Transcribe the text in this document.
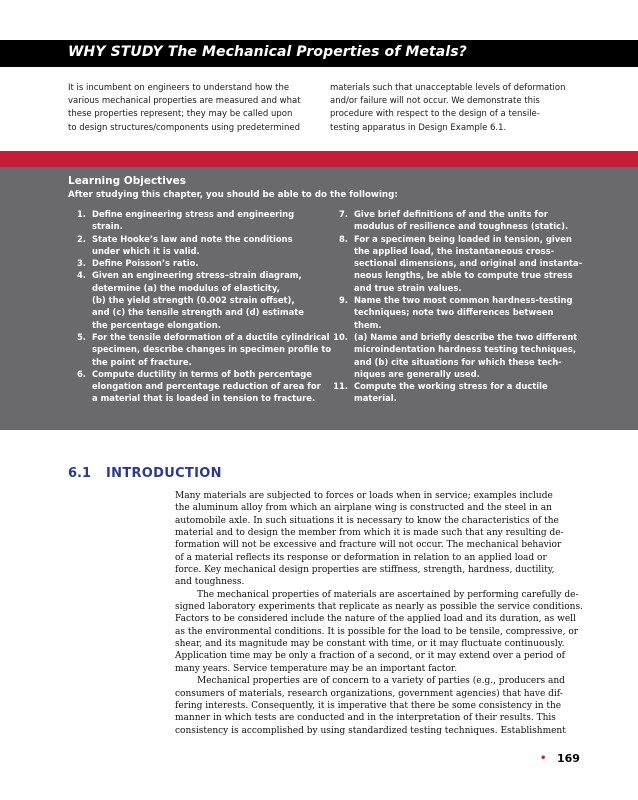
WHY STUDY The Mechanical Properties of Metals?
It is incumbent on engineers to understand how the
various mechanical properties are measured and what
these properties represent; they may be called upon
to design structures/components using predetermined
materials such that unacceptable levels of deformation
and/or failure will not occur. We demonstrate this
procedure with respect to the design of a tensile-
testing apparatus in Design Example 6.1.
Learning Objectives
After studying this chapter, you should be able to do the following:
1. Define engineering stress and engineering
strain.
2. State Hooke’s law and note the conditions
under which it is valid.
3. Define Poisson’s ratio.
4. Given an engineering stress–strain diagram,
determine (a) the modulus of elasticity,
(b) the yield strength (0.002 strain offset),
and (c) the tensile strength and (d) estimate
the percentage elongation.
5. For the tensile deformation of a ductile cylindrical
specimen, describe changes in specimen profile to
the point of fracture.
6. Compute ductility in terms of both percentage
elongation and percentage reduction of area for
a material that is loaded in tension to fracture.
7. Give brief definitions of and the units for
modulus of resilience and toughness (static).
8. For a specimen being loaded in tension, given
the applied load, the instantaneous cross-
sectional dimensions, and original and instanta-
neous lengths, be able to compute true stress
and true strain values.
9. Name the two most common hardness-testing
techniques; note two differences between
them.
10. (a) Name and briefly describe the two different
microindentation hardness testing techniques,
and (b) cite situations for which these tech-
niques are generally used.
11. Compute the working stress for a ductile
material.
6.1 INTRODUCTION
Many materials are subjected to forces or loads when in service; examples include
the aluminum alloy from which an airplane wing is constructed and the steel in an
automobile axle. In such situations it is necessary to know the characteristics of the
material and to design the member from which it is made such that any resulting de-
formation will not be excessive and fracture will not occur. The mechanical behavior
of a material reflects its response or deformation in relation to an applied load or
force. Key mechanical design properties are stiffness, strength, hardness, ductility,
and toughness.
The mechanical properties of materials are ascertained by performing carefully de-
signed laboratory experiments that replicate as nearly as possible the service conditions.
Factors to be considered include the nature of the applied load and its duration, as well
as the environmental conditions. It is possible for the load to be tensile, compressive, or
shear, and its magnitude may be constant with time, or it may fluctuate continuously.
Application time may be only a fraction of a second, or it may extend over a period of
many years. Service temperature may be an important factor.
Mechanical properties are of concern to a variety of parties (e.g., producers and
consumers of materials, research organizations, government agencies) that have dif-
fering interests. Consequently, it is imperative that there be some consistency in the
manner in which tests are conducted and in the interpretation of their results. This
consistency is accomplished by using standardized testing techniques. Establishment
• 169
